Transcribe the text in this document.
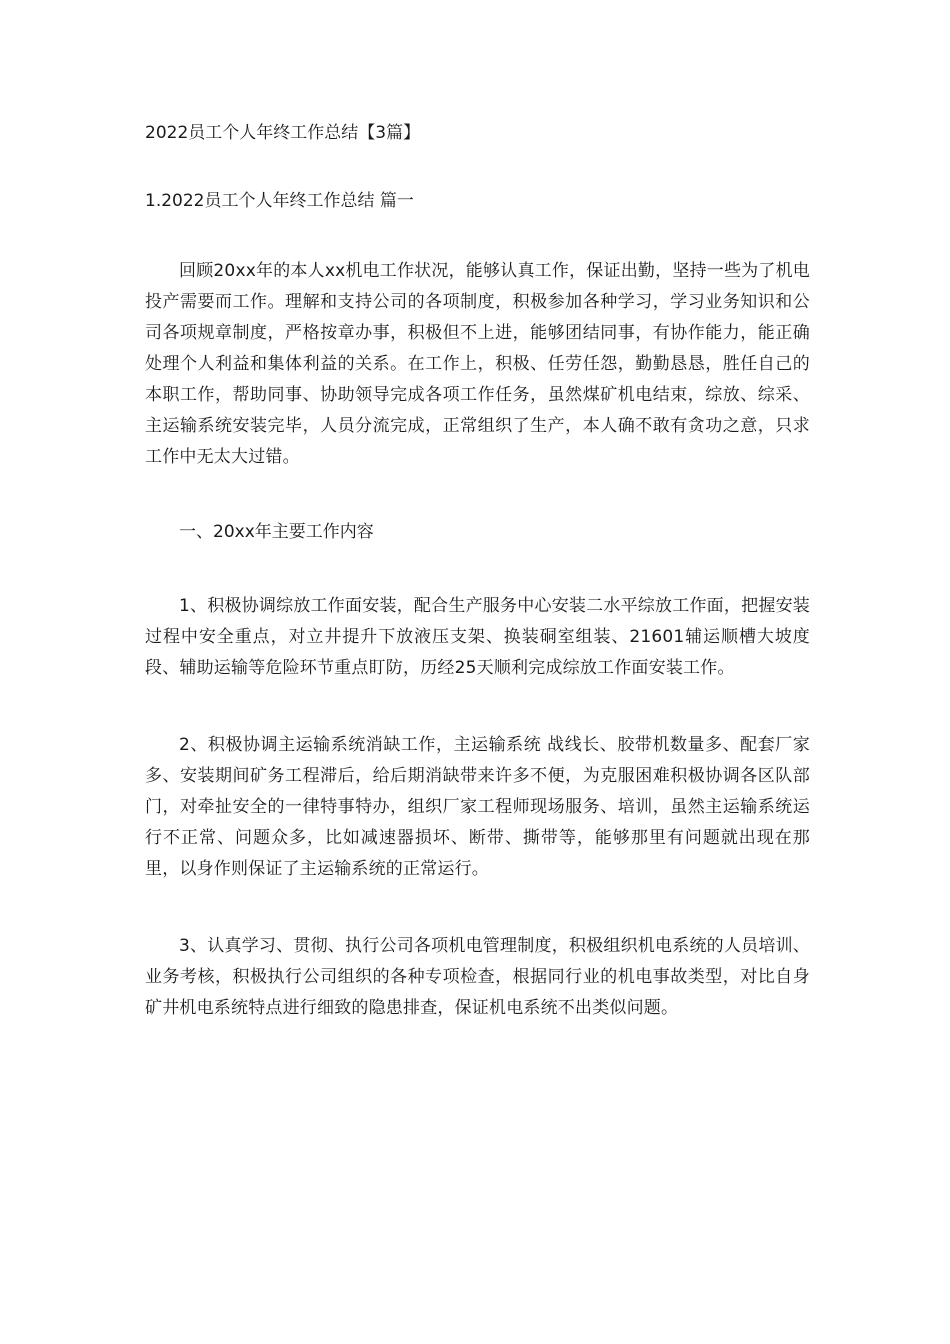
2022员工个人年终工作总结【3篇】

1.2022员工个人年终工作总结 篇一

回顾20xx年的本人xx机电工作状况，能够认真工作，保证出勤，坚持一些为了机电投产需要而工作。理解和支持公司的各项制度，积极参加各种学习，学习业务知识和公司各项规章制度，严格按章办事，积极但不上进，能够团结同事，有协作能力，能正确处理个人利益和集体利益的关系。在工作上，积极、任劳任怨，勤勤恳恳，胜任自己的本职工作，帮助同事、协助领导完成各项工作任务，虽然煤矿机电结束，综放、综采、主运输系统安装完毕，人员分流完成，正常组织了生产，本人确不敢有贪功之意，只求工作中无太大过错。

一、20xx年主要工作内容

1、积极协调综放工作面安装，配合生产服务中心安装二水平综放工作面，把握安装过程中安全重点，对立井提升下放液压支架、换装硐室组装、21601辅运顺槽大坡度段、辅助运输等危险环节重点盯防，历经25天顺利完成综放工作面安装工作。

2、积极协调主运输系统消缺工作，主运输系统 战线长、胶带机数量多、配套厂家多、安装期间矿务工程滞后，给后期消缺带来许多不便，为克服困难积极协调各区队部门，对牵扯安全的一律特事特办，组织厂家工程师现场服务、培训，虽然主运输系统运行不正常、问题众多，比如减速器损坏、断带、撕带等，能够那里有问题就出现在那里，以身作则保证了主运输系统的正常运行。

3、认真学习、贯彻、执行公司各项机电管理制度，积极组织机电系统的人员培训、业务考核，积极执行公司组织的各种专项检查，根据同行业的机电事故类型，对比自身矿井机电系统特点进行细致的隐患排查，保证机电系统不出类似问题。
